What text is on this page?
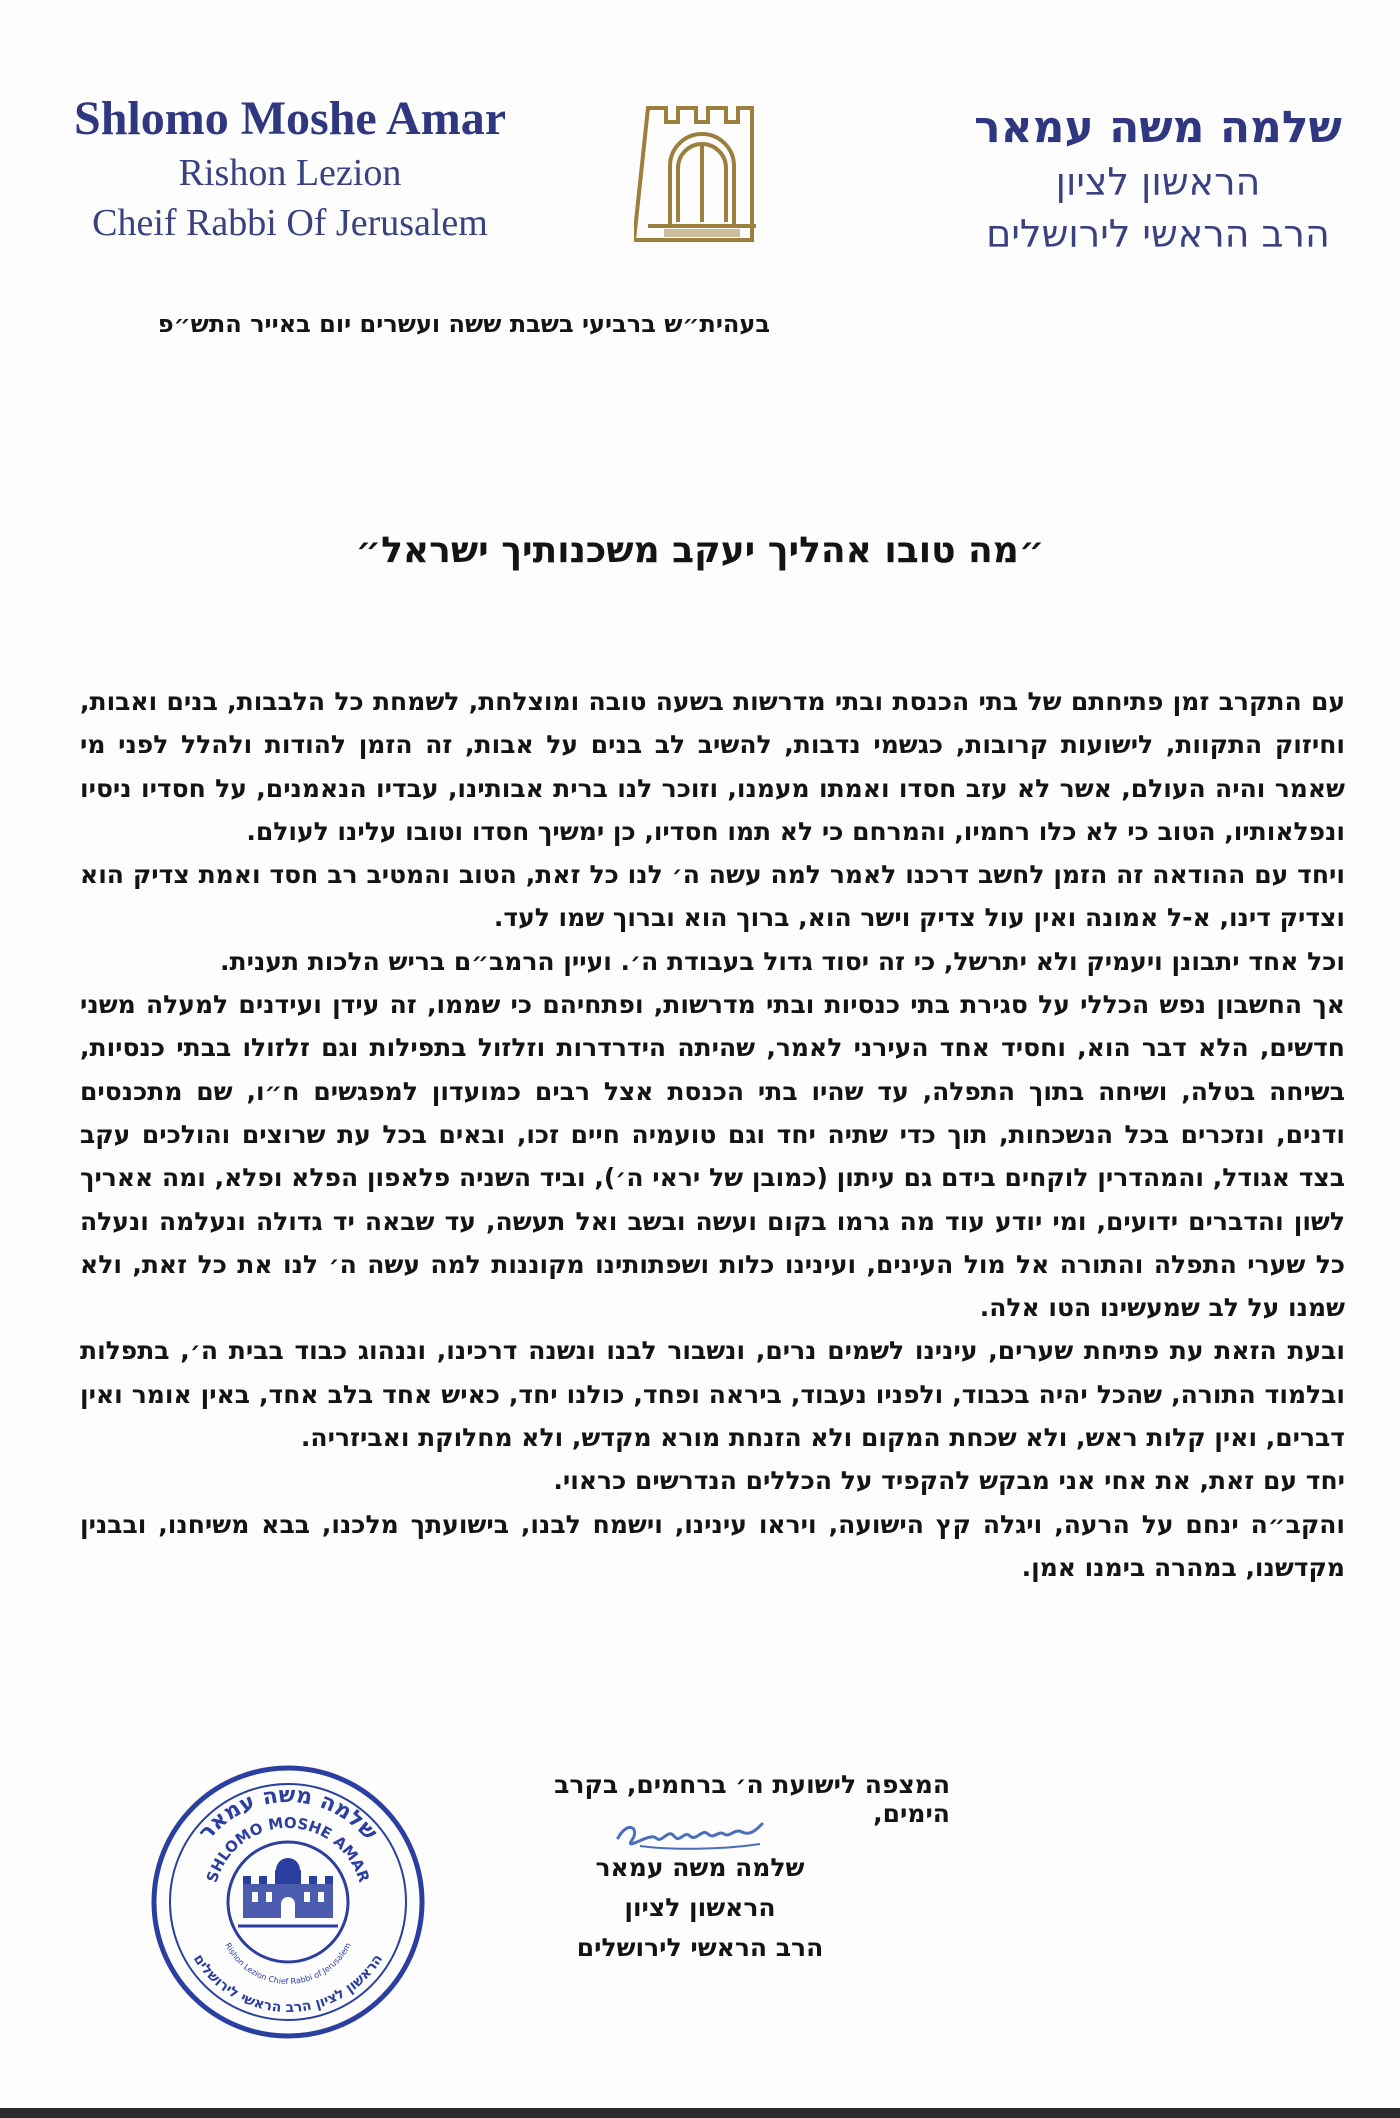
Shlomo Moshe Amar
Rishon Lezion
Cheif Rabbi Of Jerusalem
שלמה משה עמאר
הראשון לציון
הרב הראשי לירושלים
בעהית״ש ברביעי בשבת ששה ועשרים יום באייר התש״פ
״מה טובו אהליך יעקב משכנותיך ישראל״

עם התקרב זמן פתיחתם של בתי הכנסת ובתי מדרשות בשעה טובה ומוצלחת, לשמחת כל הלבבות, בנים ואבות, וחיזוק התקוות, לישועות קרובות, כגשמי נדבות, להשיב לב בנים על אבות, זה הזמן להודות ולהלל לפני מי שאמר והיה העולם, אשר לא עזב חסדו ואמתו מעמנו, וזוכר לנו ברית אבותינו, עבדיו הנאמנים, על חסדיו ניסיו ונפלאותיו, הטוב כי לא כלו רחמיו, והמרחם כי לא תמו חסדיו, כן ימשיך חסדו וטובו עלינו לעולם.

ויחד עם ההודאה זה הזמן לחשב דרכנו לאמר למה עשה ה׳ לנו כל זאת, הטוב והמטיב רב חסד ואמת צדיק הוא וצדיק דינו, א-ל אמונה ואין עול צדיק וישר הוא, ברוך הוא וברוך שמו לעד.

וכל אחד יתבונן ויעמיק ולא יתרשל, כי זה יסוד גדול בעבודת ה׳. ועיין הרמב״ם בריש הלכות תענית.

אך החשבון נפש הכללי על סגירת בתי כנסיות ובתי מדרשות, ופתחיהם כי שממו, זה עידן ועידנים למעלה משני חדשים, הלא דבר הוא, וחסיד אחד העירני לאמר, שהיתה הידרדרות וזלזול בתפילות וגם זלזולו בבתי כנסיות, בשיחה בטלה, ושיחה בתוך התפלה, עד שהיו בתי הכנסת אצל רבים כמועדון למפגשים ח״ו, שם מתכנסים ודנים, ונזכרים בכל הנשכחות, תוך כדי שתיה יחד וגם טועמיה חיים זכו, ובאים בכל עת שרוצים והולכים עקב בצד אגודל, והמהדרין לוקחים בידם גם עיתון (כמובן של יראי ה׳), וביד השניה פלאפון הפלא ופלא, ומה אאריך לשון והדברים ידועים, ומי יודע עוד מה גרמו בקום ועשה ובשב ואל תעשה, עד שבאה יד גדולה ונעלמה ונעלה כל שערי התפלה והתורה אל מול העינים, ועינינו כלות ושפתותינו מקוננות למה עשה ה׳ לנו את כל זאת, ולא שמנו על לב שמעשינו הטו אלה.

ובעת הזאת עת פתיחת שערים, עינינו לשמים נרים, ונשבור לבנו ונשנה דרכינו, וננהוג כבוד בבית ה׳, בתפלות ובלמוד התורה, שהכל יהיה בכבוד, ולפניו נעבוד, ביראה ופחד, כולנו יחד, כאיש אחד בלב אחד, באין אומר ואין דברים, ואין קלות ראש, ולא שכחת המקום ולא הזנחת מורא מקדש, ולא מחלוקת ואביזריה.

יחד עם זאת, את אחי אני מבקש להקפיד על הכללים הנדרשים כראוי.

והקב״ה ינחם על הרעה, ויגלה קץ הישועה, ויראו עינינו, וישמח לבנו, בישועתך מלכנו, בבא משיחנו, ובבנין מקדשנו, במהרה בימנו אמן.

המצפה לישועת ה׳ ברחמים, בקרב הימים,
שלמה משה עמאר
הראשון לציון
הרב הראשי לירושלים
שלמה משה עמאר
SHLOMO MOSHE AMAR
הראשון לציון הרב הראשי לירושלים
Rishon Lezion Chief Rabbi of Jerusalem
